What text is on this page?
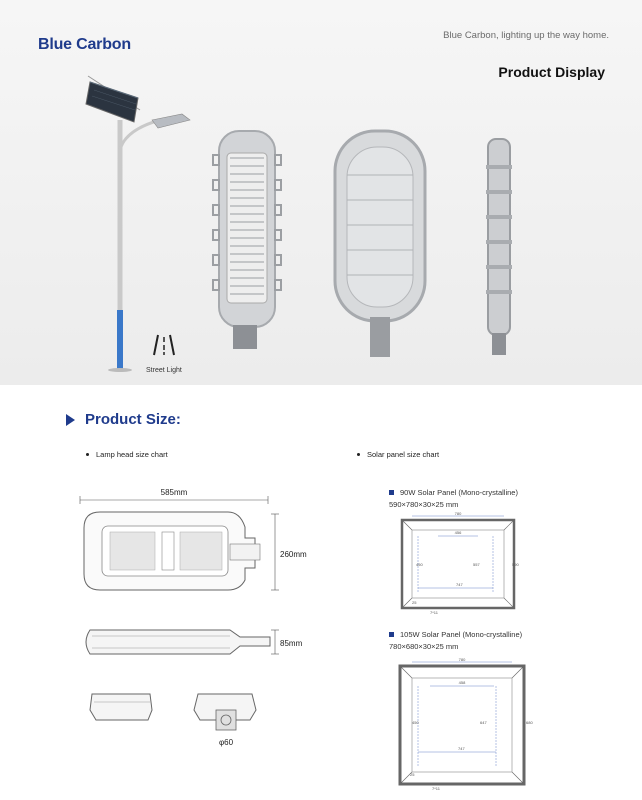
Blue Carbon
Blue Carbon, lighting up the way home.
Product Display
Street Light
Product Size:
Lamp head size chart	Solar panel size chart
585mm
260mm
85mm
φ60
90W Solar Panel (Mono-crystalline)
590×780×30×25 mm
780
456
450	557	590
747
25
7*11
105W Solar Panel (Mono-crystalline)
780×680×30×25 mm
780
458
450	647	680
747
25
7*11
